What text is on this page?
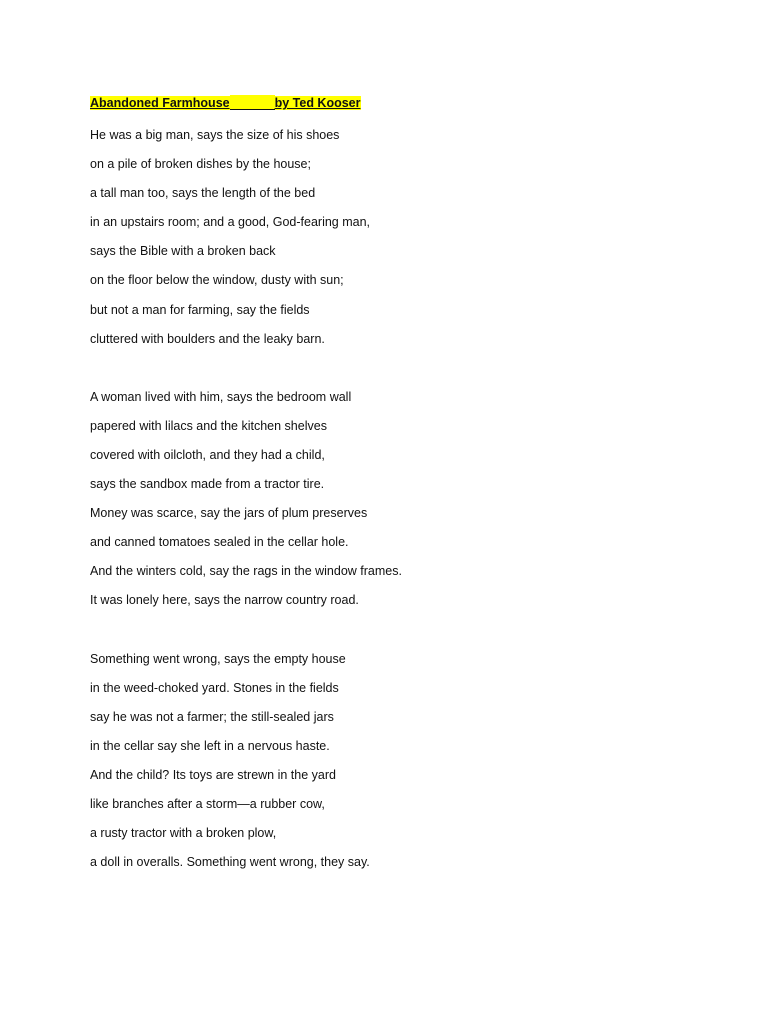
Abandoned Farmhouse	by Ted Kooser
He was a big man, says the size of his shoes
on a pile of broken dishes by the house;
a tall man too, says the length of the bed
in an upstairs room; and a good, God-fearing man,
says the Bible with a broken back
on the floor below the window, dusty with sun;
but not a man for farming, say the fields
cluttered with boulders and the leaky barn.
A woman lived with him, says the bedroom wall
papered with lilacs and the kitchen shelves
covered with oilcloth, and they had a child,
says the sandbox made from a tractor tire.
Money was scarce, say the jars of plum preserves
and canned tomatoes sealed in the cellar hole.
And the winters cold, say the rags in the window frames.
It was lonely here, says the narrow country road.
Something went wrong, says the empty house
in the weed-choked yard. Stones in the fields
say he was not a farmer; the still-sealed jars
in the cellar say she left in a nervous haste.
And the child? Its toys are strewn in the yard
like branches after a storm—a rubber cow,
a rusty tractor with a broken plow,
a doll in overalls. Something went wrong, they say.
